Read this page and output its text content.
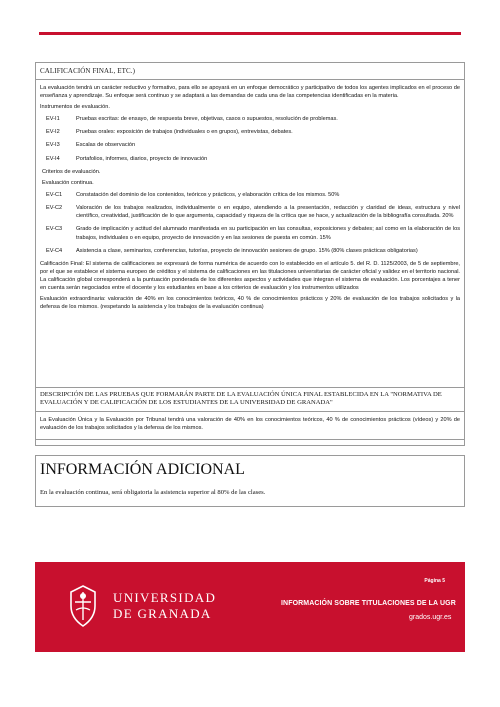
CALIFICACIÓN FINAL, ETC.)

La evaluación tendrá un carácter reductivo y formativo, para ello se apoyará en un enfoque democrático y participativo de todos los agentes implicados en el proceso de enseñanza y aprendizaje. Su enfoque será continuo y se adaptará a las demandas de cada una de las competencias identificadas en la materia.

Instrumentos de evaluación.

EV-I1	Pruebas escritas: de ensayo, de respuesta breve, objetivas, casos o supuestos, resolución de problemas.
EV-I2	Pruebas orales: exposición de trabajos (individuales o en grupos), entrevistas, debates.
EV-I3	Escalas de observación
EV-I4	Portafolios, informes, diarios, proyecto de innovación

Criterios de evaluación.

Evaluación continua.

EV-C1	Constatación del dominio de los contenidos, teóricos y prácticos, y elaboración crítica de los mismos. 50%
EV-C2	Valoración de los trabajos realizados, individualmente o en equipo, atendiendo a la presentación, redacción y claridad de ideas, estructura y nivel científico, creatividad, justificación de lo que argumenta, capacidad y riqueza de la crítica que se hace, y actualización de la bibliografía consultada. 20%
EV-C3	Grado de implicación y actitud del alumnado manifestada en su participación en las consultas, exposiciones y debates; así como en la elaboración de los trabajos, individuales o en equipo, proyecto de innovación y en las sesiones de puesta en común. 15%
EV-C4	Asistencia a clase, seminarios, conferencias, tutorías, proyecto de innovación sesiones de grupo. 15% (80% clases prácticas obligatorias)

Calificación Final: El sistema de calificaciones se expresará de forma numérica de acuerdo con lo establecido en el artículo 5. del R. D. 1125/2003, de 5 de septiembre, por el que se establece el sistema europeo de créditos y el sistema de calificaciones en las titulaciones universitarias de carácter oficial y validez en el territorio nacional. La calificación global corresponderá a la puntuación ponderada de los diferentes aspectos y actividades que integran el sistema de evaluación. Los porcentajes a tener en cuenta serán negociados entre el docente y los estudiantes en base a los criterios de evaluación y los instrumentos utilizados

Evaluación extraordinaria: valoración de 40% en los conocimientos teóricos, 40 % de conocimientos prácticos y 20% de evaluación de los trabajos solicitados y la defensa de los mismos. (respetando la asistencia y los trabajos de la evaluación continua)

DESCRIPCIÓN DE LAS PRUEBAS QUE FORMARÁN PARTE DE LA EVALUACIÓN ÚNICA FINAL ESTABLECIDA EN LA "NORMATIVA DE EVALUACIÓN Y DE CALIFICACIÓN DE LOS ESTUDIANTES DE LA UNIVERSIDAD DE GRANADA"

La Evaluación Única y la Evaluación por Tribunal tendrá una valoración de 40% en los conocimientos teóricos, 40 % de conocimientos prácticos (vídeos) y 20% de evaluación de los trabajos solicitados y la defensa de los mismos.

INFORMACIÓN ADICIONAL

En la evaluación continua, será obligatoria la asistencia superior al 80% de las clases.

UNIVERSIDAD
DE GRANADA
Página 5
INFORMACIÓN SOBRE TITULACIONES DE LA UGR
grados.ugr.es
